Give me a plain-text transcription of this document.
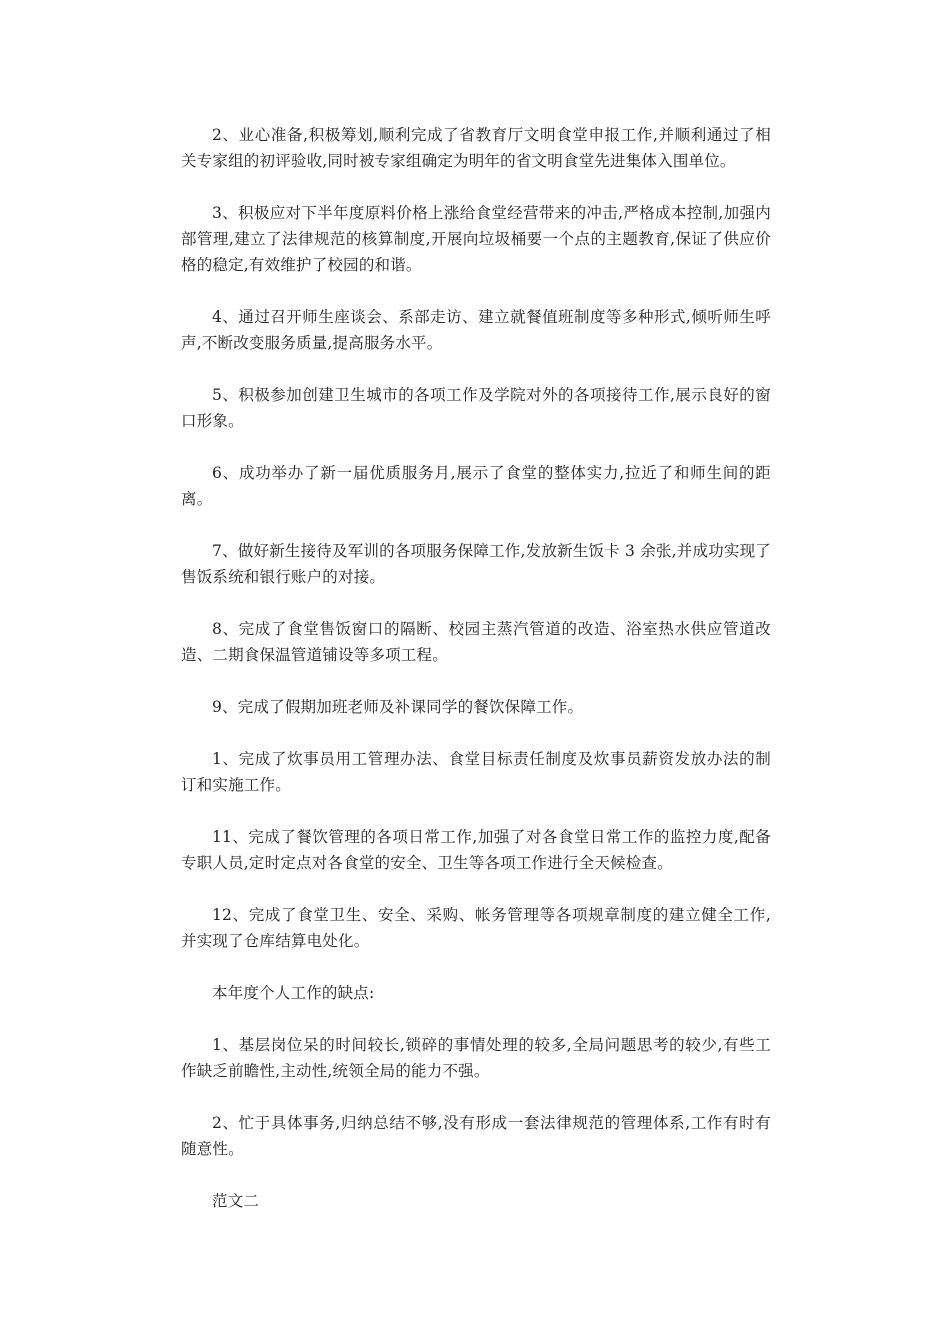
2、业心准备,积极筹划,顺利完成了省教育厅文明食堂申报工作,并顺利通过了相关专家组的初评验收,同时被专家组确定为明年的省文明食堂先进集体入围单位。

3、积极应对下半年度原料价格上涨给食堂经营带来的冲击,严格成本控制,加强内部管理,建立了法律规范的核算制度,开展向垃圾桶要一个点的主题教育,保证了供应价格的稳定,有效维护了校园的和谐。

4、通过召开师生座谈会、系部走访、建立就餐值班制度等多种形式,倾听师生呼声,不断改变服务质量,提高服务水平。

5、积极参加创建卫生城市的各项工作及学院对外的各项接待工作,展示良好的窗口形象。

6、成功举办了新一届优质服务月,展示了食堂的整体实力,拉近了和师生间的距离。

7、做好新生接待及军训的各项服务保障工作,发放新生饭卡 3 余张,并成功实现了售饭系统和银行账户的对接。

8、完成了食堂售饭窗口的隔断、校园主蒸汽管道的改造、浴室热水供应管道改造、二期食保温管道铺设等多项工程。

9、完成了假期加班老师及补课同学的餐饮保障工作。

1、完成了炊事员用工管理办法、食堂目标责任制度及炊事员薪资发放办法的制订和实施工作。

11、完成了餐饮管理的各项日常工作,加强了对各食堂日常工作的监控力度,配备专职人员,定时定点对各食堂的安全、卫生等各项工作进行全天候检查。

12、完成了食堂卫生、安全、采购、帐务管理等各项规章制度的建立健全工作,并实现了仓库结算电处化。

本年度个人工作的缺点:

1、基层岗位呆的时间较长,锁碎的事情处理的较多,全局问题思考的较少,有些工作缺乏前瞻性,主动性,统领全局的能力不强。

2、忙于具体事务,归纳总结不够,没有形成一套法律规范的管理体系,工作有时有随意性。

范文二
